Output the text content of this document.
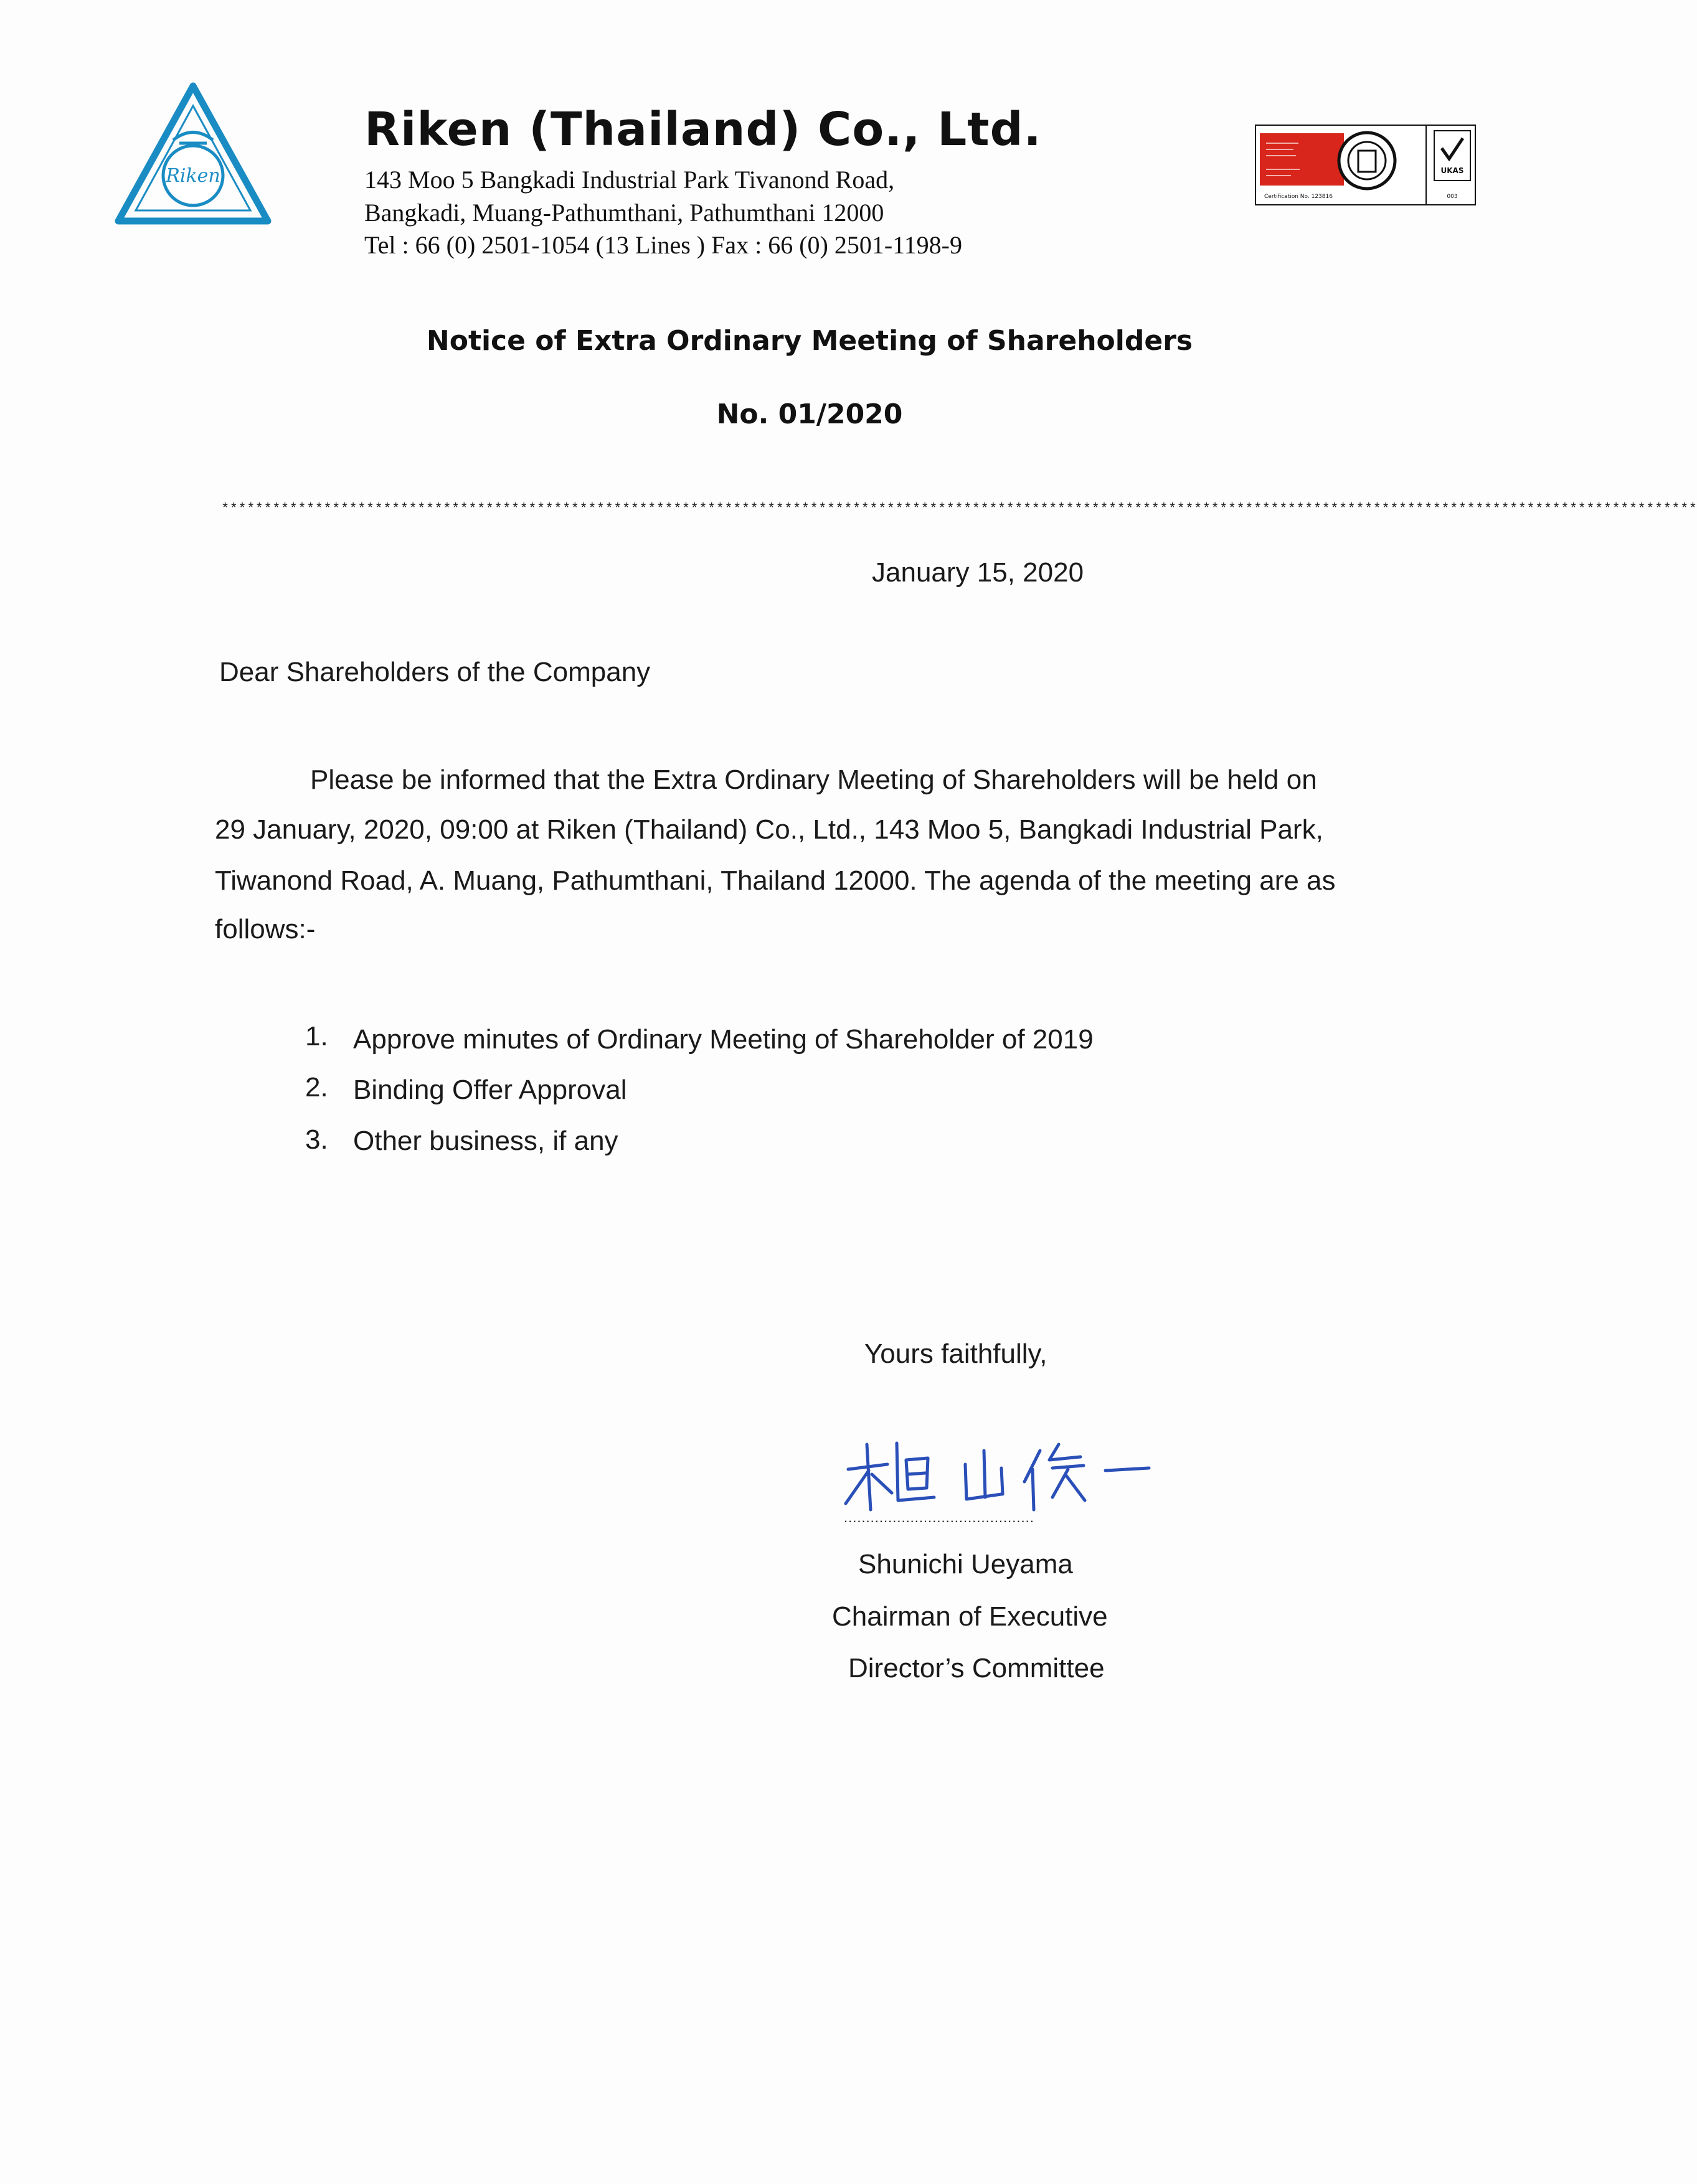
Riken
Riken (Thailand) Co., Ltd.
143 Moo 5 Bangkadi Industrial Park Tivanond Road,
Bangkadi, Muang-Pathumthani, Pathumthani 12000
Tel : 66 (0) 2501-1054 (13 Lines ) Fax : 66 (0) 2501-1198-9
Certification No. 123816
UKAS
003
Notice of Extra Ordinary Meeting of Shareholders
No. 01/2020
*****************************************************************************************************************************************************************************
January 15, 2020
Dear Shareholders of the Company
Please be informed that the Extra Ordinary Meeting of Shareholders will be held on
29 January, 2020, 09:00 at Riken (Thailand) Co., Ltd., 143 Moo 5, Bangkadi Industrial Park,
Tiwanond Road, A. Muang, Pathumthani, Thailand 12000. The agenda of the meeting are as
follows:-
1. Approve minutes of Ordinary Meeting of Shareholder of 2019
2. Binding Offer Approval
3. Other business, if any
Yours faithfully,
...........................................
Shunichi Ueyama
Chairman of Executive
Director’s Committee
